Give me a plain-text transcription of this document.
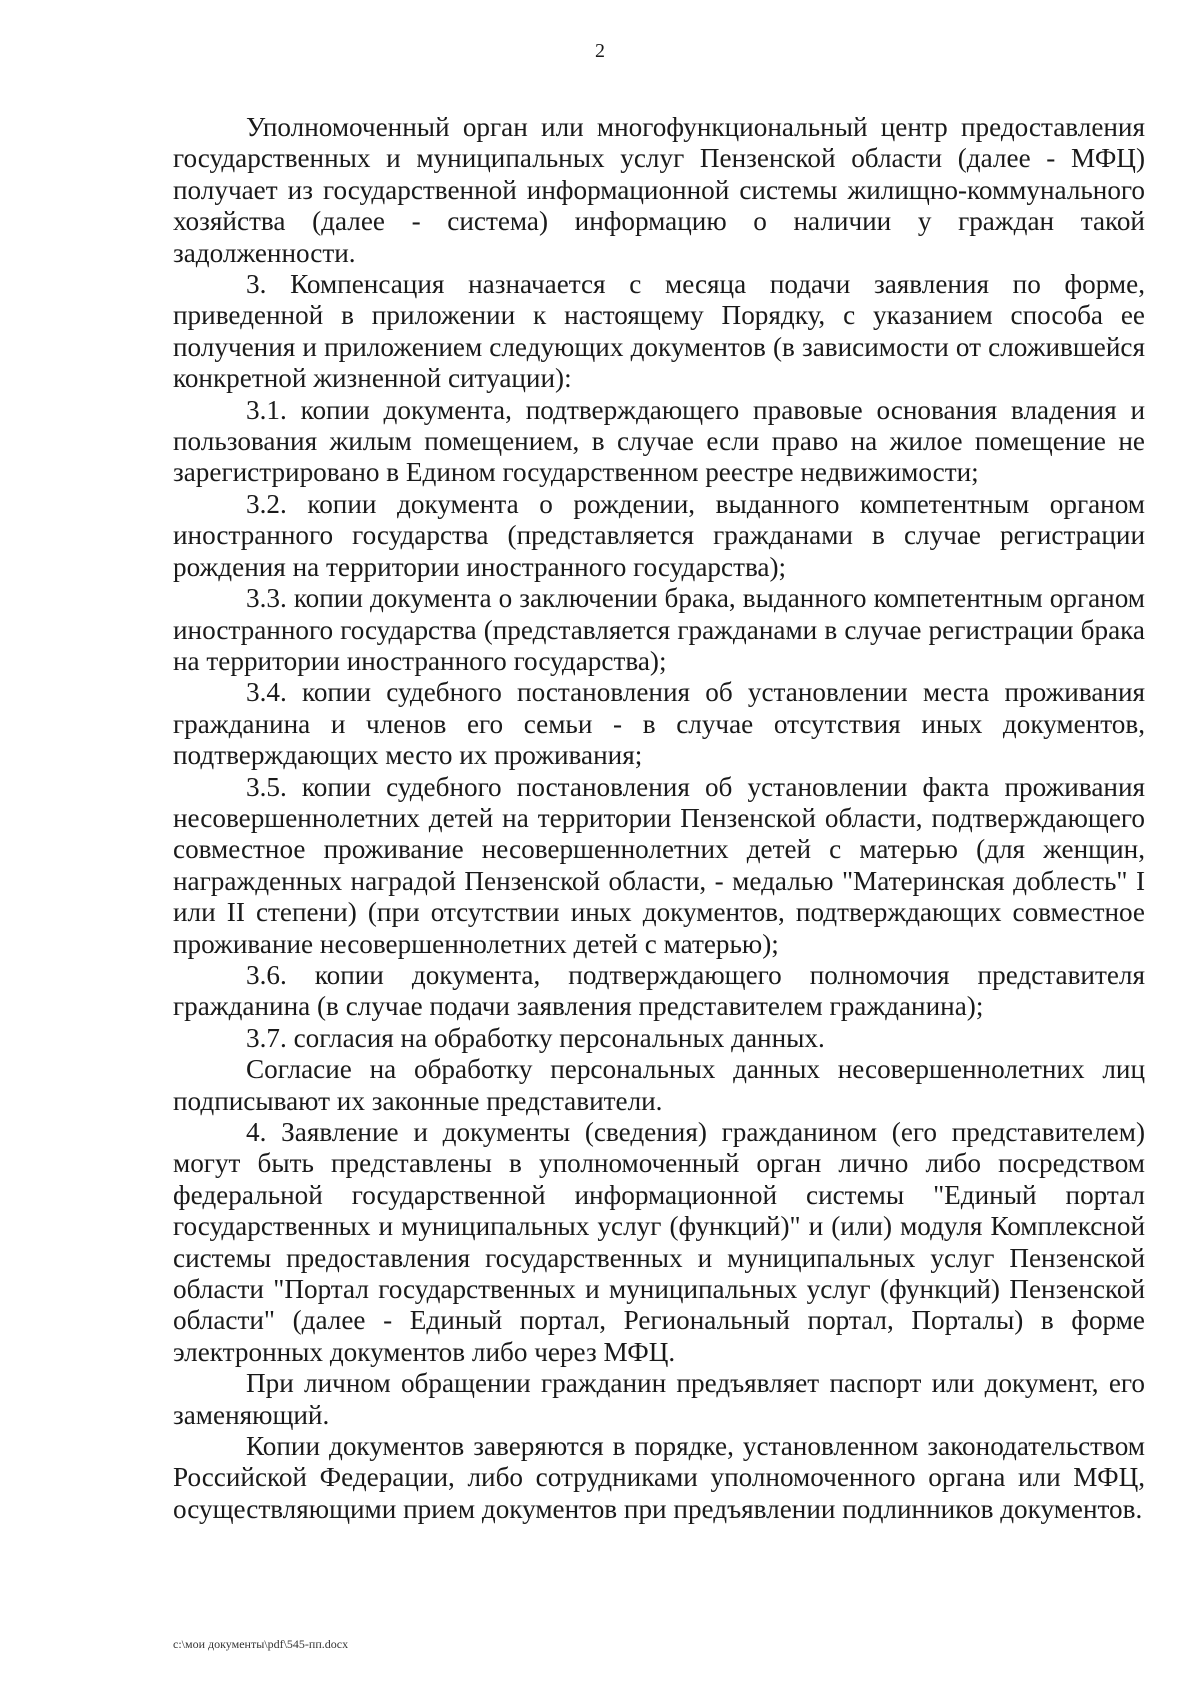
2

Уполномоченный орган или многофункциональный центр предоставления государственных и муниципальных услуг Пензенской области (далее - МФЦ) получает из государственной информационной системы жилищно-коммунального хозяйства (далее - система) информацию о наличии у граждан такой задолженности.

3. Компенсация назначается с месяца подачи заявления по форме, приведенной в приложении к настоящему Порядку, с указанием способа ее получения и приложением следующих документов (в зависимости от сложившейся конкретной жизненной ситуации):

3.1. копии документа, подтверждающего правовые основания владения и пользования жилым помещением, в случае если право на жилое помещение не зарегистрировано в Едином государственном реестре недвижимости;

3.2. копии документа о рождении, выданного компетентным органом иностранного государства (представляется гражданами в случае регистрации рождения на территории иностранного государства);

3.3. копии документа о заключении брака, выданного компетентным органом иностранного государства (представляется гражданами в случае регистрации брака на территории иностранного государства);

3.4. копии судебного постановления об установлении места проживания гражданина и членов его семьи - в случае отсутствия иных документов, подтверждающих место их проживания;

3.5. копии судебного постановления об установлении факта проживания несовершеннолетних детей на территории Пензенской области, подтверждающего совместное проживание несовершеннолетних детей с матерью (для женщин, награжденных наградой Пензенской области, - медалью "Материнская доблесть" I или II степени) (при отсутствии иных документов, подтверждающих совместное проживание несовершеннолетних детей с матерью);

3.6. копии документа, подтверждающего полномочия представителя гражданина (в случае подачи заявления представителем гражданина);

3.7. согласия на обработку персональных данных.

Согласие на обработку персональных данных несовершеннолетних лиц подписывают их законные представители.

4. Заявление и документы (сведения) гражданином (его представителем) могут быть представлены в уполномоченный орган лично либо посредством федеральной государственной информационной системы "Единый портал государственных и муниципальных услуг (функций)" и (или) модуля Комплексной системы предоставления государственных и муниципальных услуг Пензенской области "Портал государственных и муниципальных услуг (функций) Пензенской области" (далее - Единый портал, Региональный портал, Порталы) в форме электронных документов либо через МФЦ.

При личном обращении гражданин предъявляет паспорт или документ, его заменяющий.

Копии документов заверяются в порядке, установленном законодательством Российской Федерации, либо сотрудниками уполномоченного органа или МФЦ, осуществляющими прием документов при предъявлении подлинников документов.

c:\мои документы\pdf\545-пп.docx
